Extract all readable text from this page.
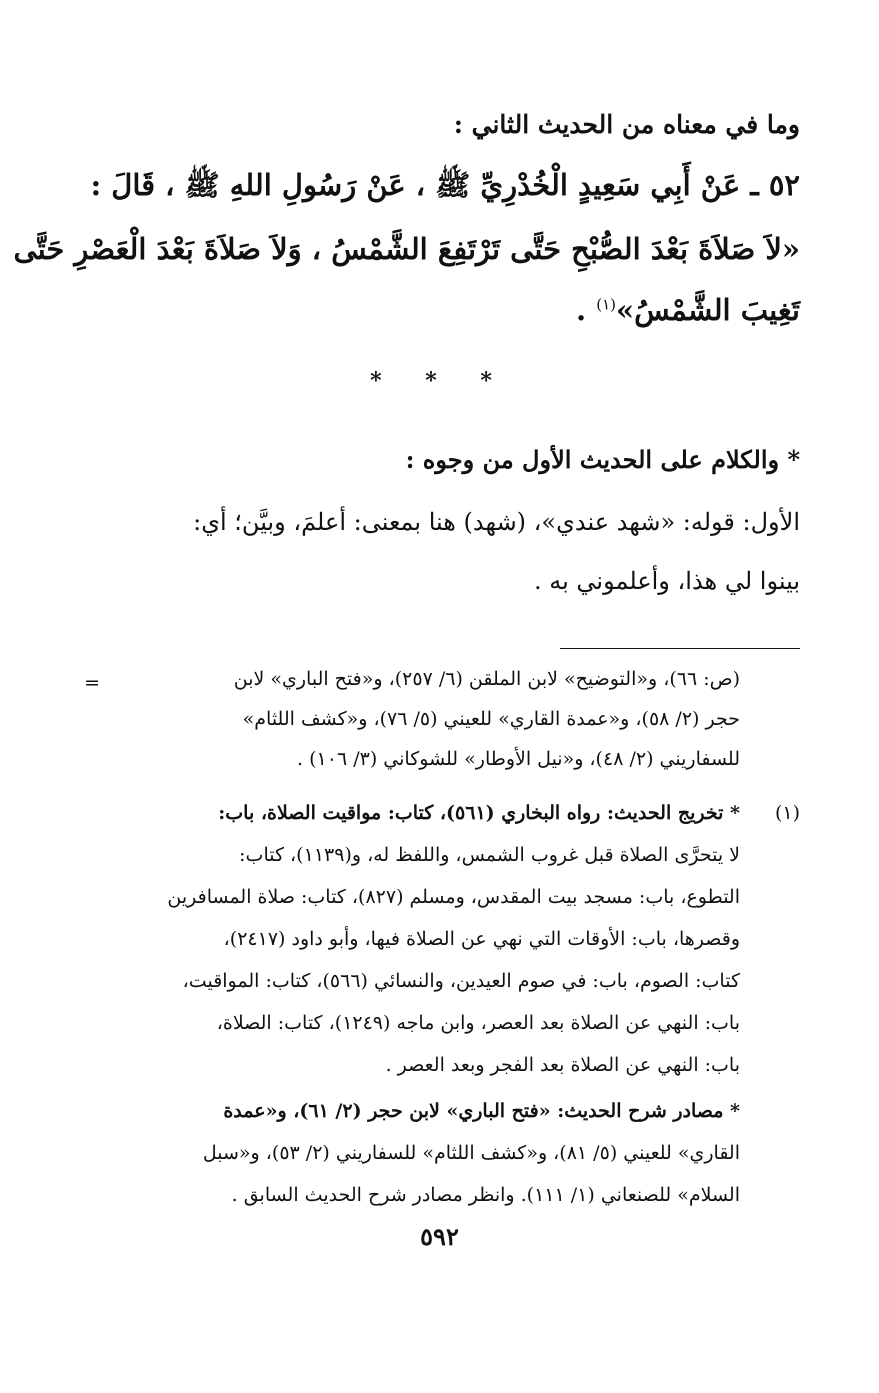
وما في معناه من الحديث الثاني :
٥٢ ـ عَنْ أَبِي سَعِيدٍ الْخُدْرِيِّ ﷺ ، عَنْ رَسُولِ اللهِ ﷺ ، قَالَ :
«لاَ صَلاَةَ بَعْدَ الصُّبْحِ حَتَّى تَرْتَفِعَ الشَّمْسُ ، وَلاَ صَلاَةَ بَعْدَ الْعَصْرِ حَتَّى
تَغِيبَ الشَّمْسُ»$^{(١)}$ .
* * *
* والكلام على الحديث الأول من وجوه :
الأول: قوله: «شهد عندي»، (شهد) هنا بمعنى: أعلمَ، وبيَّن؛ أي:
بينوا لي هذا، وأعلموني به .
=	(ص: ٦٦)، و«التوضيح» لابن الملقن (٦/ ٢٥٧)، و«فتح الباري» لابن
حجر (٢/ ٥٨)، و«عمدة القاري» للعيني (٥/ ٧٦)، و«كشف اللثام»
للسفاريني (٢/ ٤٨)، و«نيل الأوطار» للشوكاني (٣/ ١٠٦) .
(١)
* تخريج الحديث: رواه البخاري (٥٦١)، كتاب: مواقيت الصلاة، باب:
لا يتحرَّى الصلاة قبل غروب الشمس، واللفظ له، و(١١٣٩)، كتاب:
التطوع، باب: مسجد بيت المقدس، ومسلم (٨٢٧)، كتاب: صلاة المسافرين
وقصرها، باب: الأوقات التي نهي عن الصلاة فيها، وأبو داود (٢٤١٧)،
كتاب: الصوم، باب: في صوم العيدين، والنسائي (٥٦٦)، كتاب: المواقيت،
باب: النهي عن الصلاة بعد العصر، وابن ماجه (١٢٤٩)، كتاب: الصلاة،
باب: النهي عن الصلاة بعد الفجر وبعد العصر .
* مصادر شرح الحديث: «فتح الباري» لابن حجر (٢/ ٦١)، و«عمدة
القاري» للعيني (٥/ ٨١)، و«كشف اللثام» للسفاريني (٢/ ٥٣)، و«سبل
السلام» للصنعاني (١/ ١١١). وانظر مصادر شرح الحديث السابق .
٥٩٢
